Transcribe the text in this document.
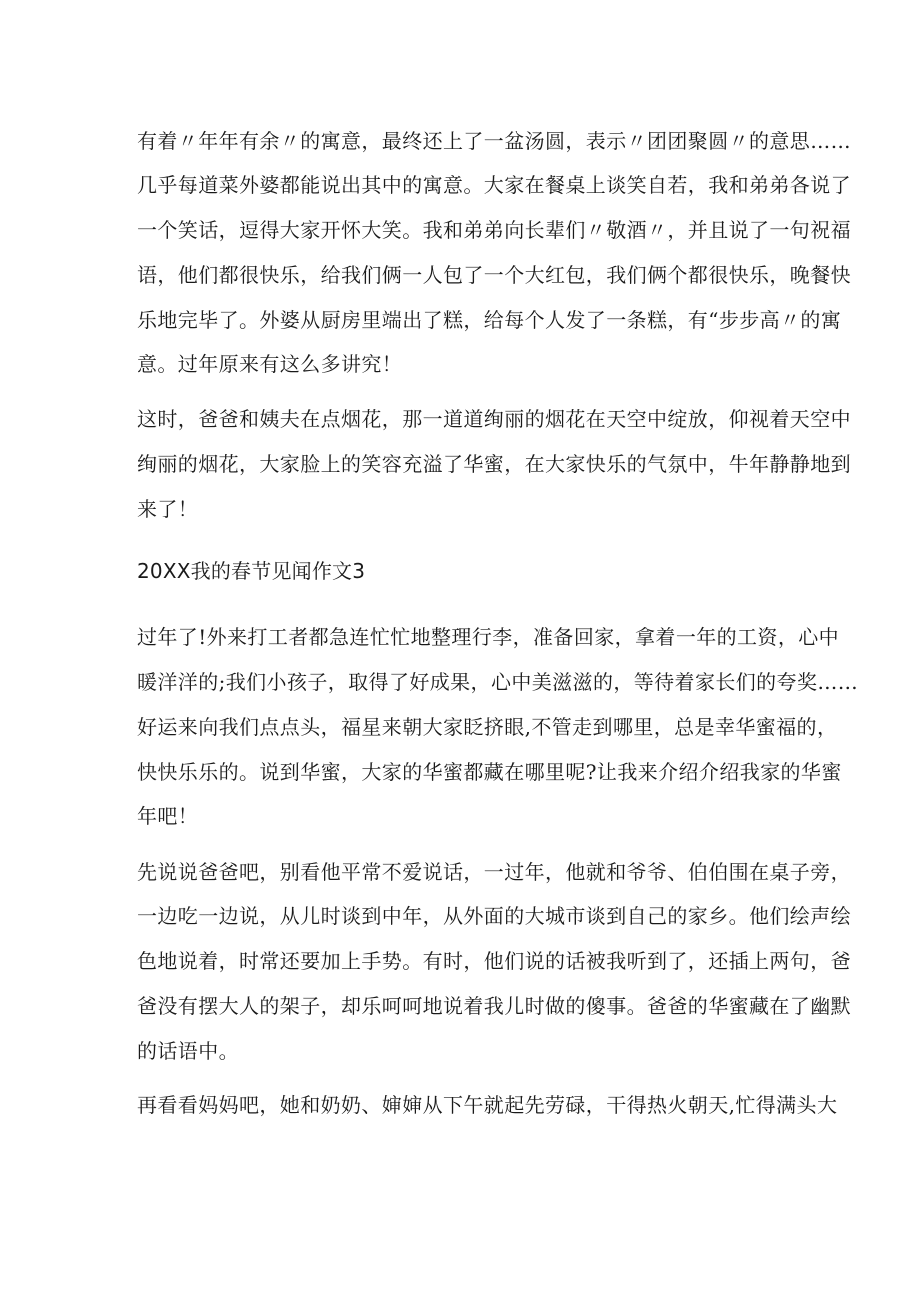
有着〃年年有余〃的寓意，最终还上了一盆汤圆，表示〃团团聚圆〃的意思……
几乎每道菜外婆都能说出其中的寓意。大家在餐桌上谈笑自若，我和弟弟各说了
一个笑话，逗得大家开怀大笑。我和弟弟向长辈们〃敬酒〃，并且说了一句祝福
语，他们都很快乐，给我们俩一人包了一个大红包，我们俩个都很快乐，晚餐快
乐地完毕了。外婆从厨房里端出了糕，给每个人发了一条糕，有“步步高〃的寓
意。过年原来有这么多讲究！
这时，爸爸和姨夫在点烟花，那一道道绚丽的烟花在天空中绽放，仰视着天空中
绚丽的烟花，大家脸上的笑容充溢了华蜜，在大家快乐的气氛中，牛年静静地到
来了！
20XX我的春节见闻作文3
过年了!外来打工者都急连忙忙地整理行李，准备回家，拿着一年的工资，心中
暖洋洋的;我们小孩子，取得了好成果，心中美滋滋的，等待着家长们的夸奖……
好运来向我们点点头，福星来朝大家眨挤眼,不管走到哪里，总是幸华蜜福的，
快快乐乐的。说到华蜜，大家的华蜜都藏在哪里呢?让我来介绍介绍我家的华蜜
年吧！
先说说爸爸吧，别看他平常不爱说话，一过年，他就和爷爷、伯伯围在桌子旁，
一边吃一边说，从儿时谈到中年，从外面的大城市谈到自己的家乡。他们绘声绘
色地说着，时常还要加上手势。有时，他们说的话被我听到了，还插上两句，爸
爸没有摆大人的架子，却乐呵呵地说着我儿时做的傻事。爸爸的华蜜藏在了幽默
的话语中。
再看看妈妈吧，她和奶奶、婶婶从下午就起先劳碌，干得热火朝天,忙得满头大
